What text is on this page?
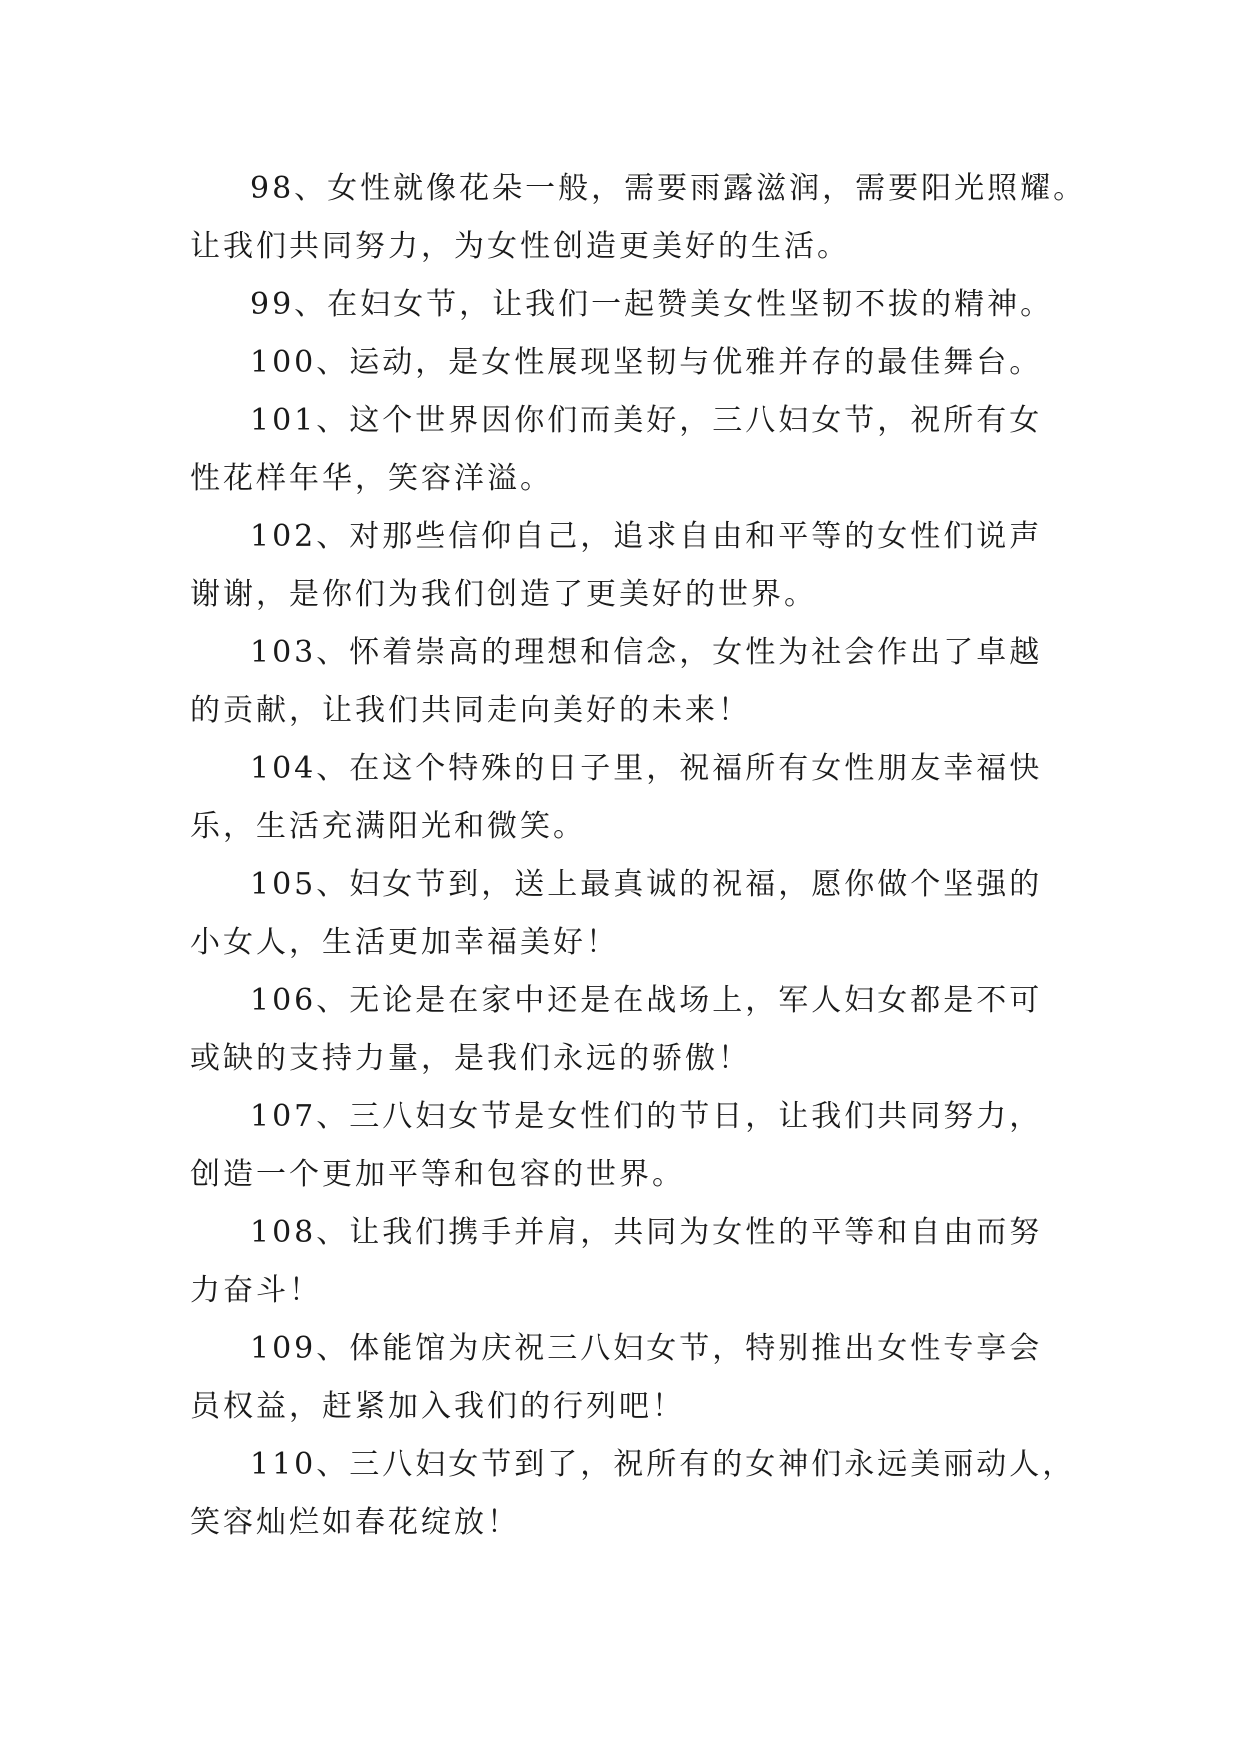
98、女性就像花朵一般，需要雨露滋润，需要阳光照耀。
让我们共同努力，为女性创造更美好的生活。

99、在妇女节，让我们一起赞美女性坚韧不拔的精神。

100、运动，是女性展现坚韧与优雅并存的最佳舞台。

101、这个世界因你们而美好，三八妇女节，祝所有女
性花样年华，笑容洋溢。

102、对那些信仰自己，追求自由和平等的女性们说声
谢谢，是你们为我们创造了更美好的世界。

103、怀着崇高的理想和信念，女性为社会作出了卓越
的贡献，让我们共同走向美好的未来！

104、在这个特殊的日子里，祝福所有女性朋友幸福快
乐，生活充满阳光和微笑。

105、妇女节到，送上最真诚的祝福，愿你做个坚强的
小女人，生活更加幸福美好！

106、无论是在家中还是在战场上，军人妇女都是不可
或缺的支持力量，是我们永远的骄傲！

107、三八妇女节是女性们的节日，让我们共同努力，
创造一个更加平等和包容的世界。

108、让我们携手并肩，共同为女性的平等和自由而努
力奋斗！

109、体能馆为庆祝三八妇女节，特别推出女性专享会
员权益，赶紧加入我们的行列吧！

110、三八妇女节到了，祝所有的女神们永远美丽动人，
笑容灿烂如春花绽放！
